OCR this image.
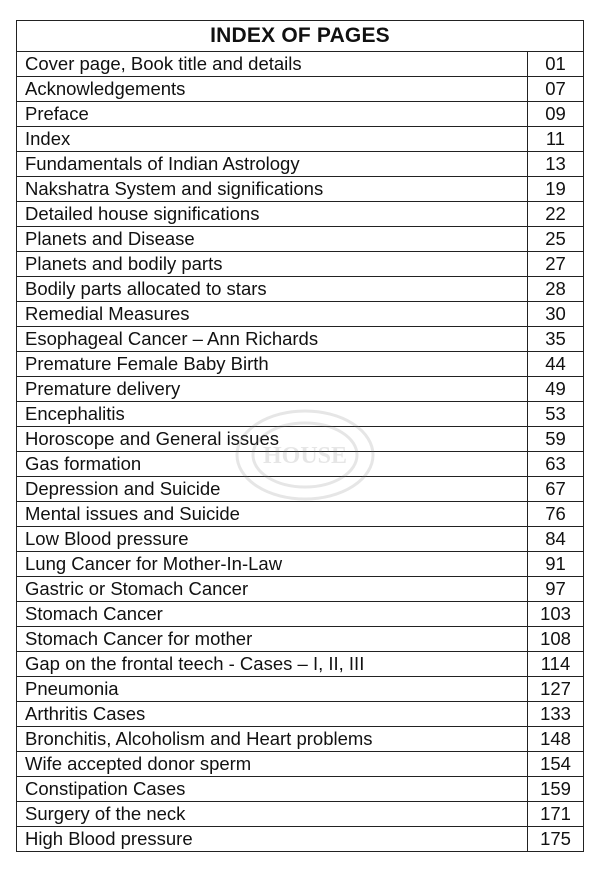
INDEX OF PAGES
Cover page, Book title and details	01
Acknowledgements	07
Preface	09
Index	11
Fundamentals of Indian Astrology	13
Nakshatra System and significations	19
Detailed house significations	22
Planets and Disease	25
Planets and bodily parts	27
Bodily parts allocated to stars	28
Remedial Measures	30
Esophageal Cancer – Ann Richards	35
Premature Female Baby Birth	44
Premature delivery	49
Encephalitis	53
Horoscope and General issues	59
Gas formation	63
Depression and Suicide	67
Mental issues and Suicide	76
Low Blood pressure	84
Lung Cancer for Mother-In-Law	91
Gastric or Stomach Cancer	97
Stomach Cancer	103
Stomach Cancer for mother	108
Gap on the frontal teech - Cases – I, II, III	114
Pneumonia	127
Arthritis Cases	133
Bronchitis, Alcoholism and Heart problems	148
Wife accepted donor sperm	154
Constipation Cases	159
Surgery of the neck	171
High Blood pressure	175
HOUSE
